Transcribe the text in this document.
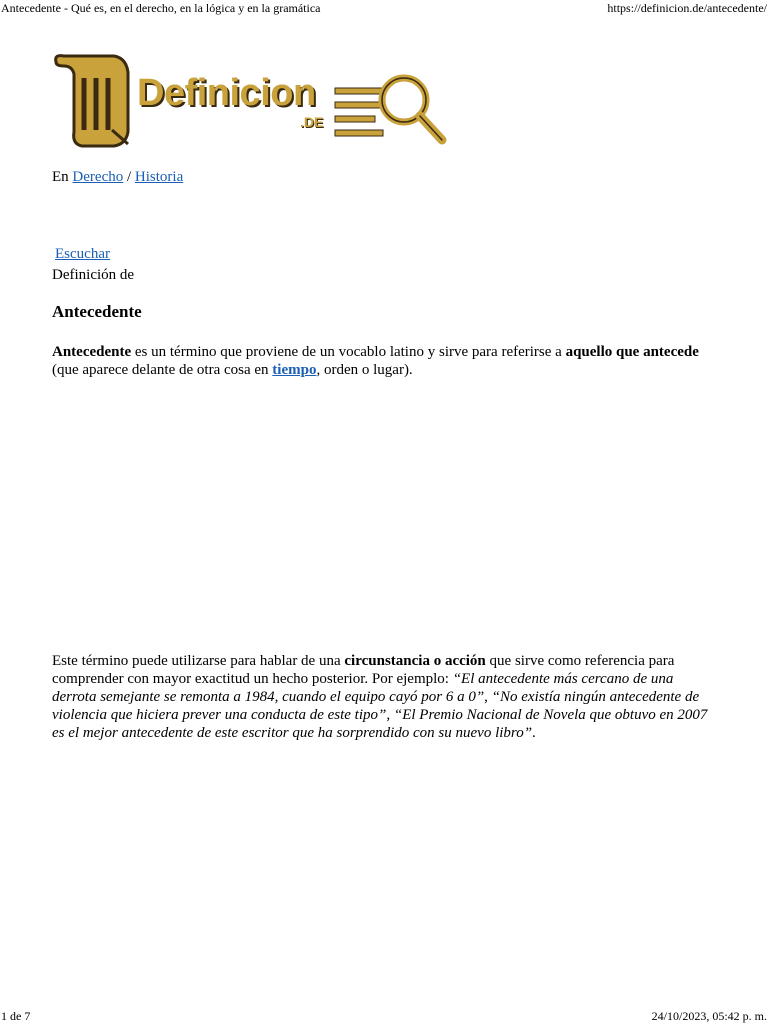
Antecedente - Qué es, en el derecho, en la lógica y en la gramática	https://definicion.de/antecedente/
Definicion
.DE
En Derecho / Historia
Escuchar
Definición de
Antecedente
Antecedente es un término que proviene de un vocablo latino y sirve para referirse a aquello que antecede (que aparece delante de otra cosa en tiempo, orden o lugar).
Este término puede utilizarse para hablar de una circunstancia o acción que sirve como referencia para comprender con mayor exactitud un hecho posterior. Por ejemplo: “El antecedente más cercano de una derrota semejante se remonta a 1984, cuando el equipo cayó por 6 a 0”, “No existía ningún antecedente de violencia que hiciera prever una conducta de este tipo”, “El Premio Nacional de Novela que obtuvo en 2007 es el mejor antecedente de este escritor que ha sorprendido con su nuevo libro”.
1 de 7	24/10/2023, 05:42 p. m.
